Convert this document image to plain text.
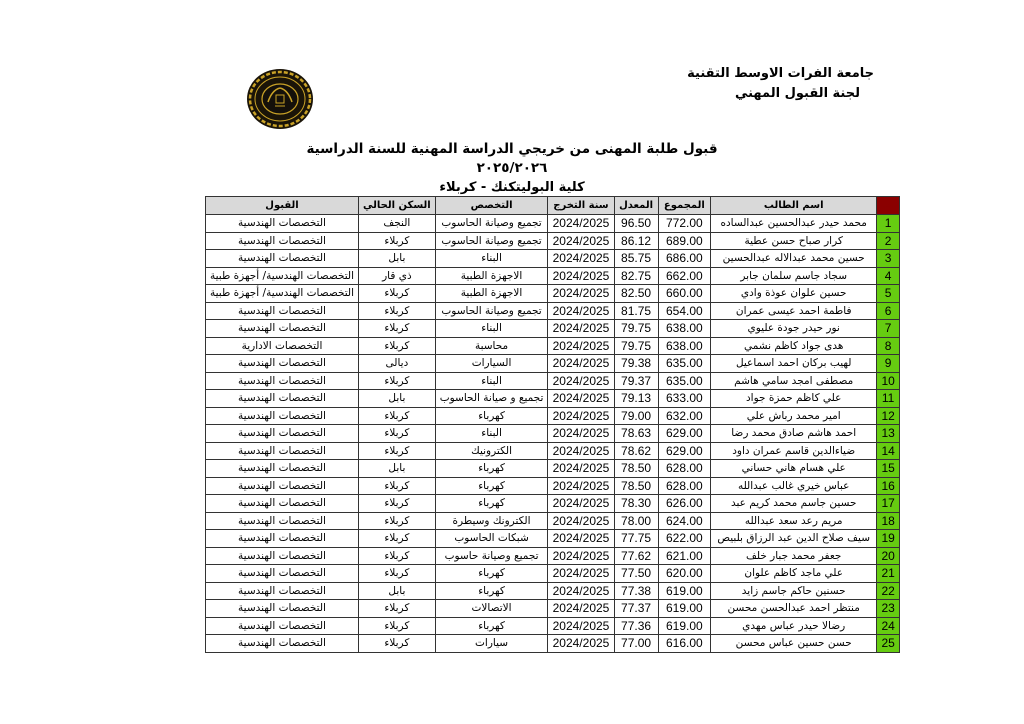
جامعة الفرات الاوسط التقنية
لجنة القبول المهني
قبول طلبة المهنى من خريجي الدراسة المهنية للسنة الدراسية ٢٠٢٥/٢٠٢٦
كلية البوليتكنك - كربلاء
ت	اسم الطالب	المجموع	المعدل	سنة التخرج	التخصص	السكن الحالي	القبول
1	محمد حيدر عبدالحسين عبدالساده	772.00	96.50	2024/2025	تجميع وصيانة الحاسوب	النجف	التخصصات الهندسية
2	كرار صباح حسن عطية	689.00	86.12	2024/2025	تجميع وصيانة الحاسوب	كربلاء	التخصصات الهندسية
3	حسين محمد عبدالاله عبدالحسين	686.00	85.75	2024/2025	البناء	بابل	التخصصات الهندسية
4	سجاد جاسم سلمان جابر	662.00	82.75	2024/2025	الاجهزة الطبية	ذي قار	التخصصات الهندسية/ أجهزة طبية
5	حسين علوان عوذة وادي	660.00	82.50	2024/2025	الاجهزة الطبية	كربلاء	التخصصات الهندسية/ أجهزة طبية
6	فاطمة احمد عيسى عمران	654.00	81.75	2024/2025	تجميع وصيانة الحاسوب	كربلاء	التخصصات الهندسية
7	نور حيدر جودة عليوي	638.00	79.75	2024/2025	البناء	كربلاء	التخصصات الهندسية
8	هدى جواد كاظم نشمي	638.00	79.75	2024/2025	محاسبة	كربلاء	التخصصات الادارية
9	لهيب بركان احمد اسماعيل	635.00	79.38	2024/2025	السيارات	ديالى	التخصصات الهندسية
10	مصطفى امجد سامي هاشم	635.00	79.37	2024/2025	البناء	كربلاء	التخصصات الهندسية
11	علي كاظم حمزة جواد	633.00	79.13	2024/2025	تجميع و صيانة الحاسوب	بابل	التخصصات الهندسية
12	امير محمد رباش علي	632.00	79.00	2024/2025	كهرباء	كربلاء	التخصصات الهندسية
13	احمد هاشم صادق محمد رضا	629.00	78.63	2024/2025	البناء	كربلاء	التخصصات الهندسية
14	ضياءالدين قاسم عمران داود	629.00	78.62	2024/2025	الكترونيك	كربلاء	التخصصات الهندسية
15	علي هسام هاني حساني	628.00	78.50	2024/2025	كهرباء	بابل	التخصصات الهندسية
16	عباس خيري غالب عبدالله	628.00	78.50	2024/2025	كهرباء	كربلاء	التخصصات الهندسية
17	حسين جاسم محمد كريم عبد	626.00	78.30	2024/2025	كهرباء	كربلاء	التخصصات الهندسية
18	مريم رعد سعد عبدالله	624.00	78.00	2024/2025	الكترونك وسيطرة	كربلاء	التخصصات الهندسية
19	سيف صلاح الدين عبد الرزاق بلبيص	622.00	77.75	2024/2025	شبكات الحاسوب	كربلاء	التخصصات الهندسية
20	جعفر محمد جبار خلف	621.00	77.62	2024/2025	تجميع وصيانة حاسوب	كربلاء	التخصصات الهندسية
21	علي ماجد كاظم علوان	620.00	77.50	2024/2025	كهرباء	كربلاء	التخصصات الهندسية
22	حسنين حاكم جاسم زايد	619.00	77.38	2024/2025	كهرباء	بابل	التخصصات الهندسية
23	منتظر احمد عبدالحسن محسن	619.00	77.37	2024/2025	الاتصالات	كربلاء	التخصصات الهندسية
24	رضالا حيدر عباس مهدي	619.00	77.36	2024/2025	كهرباء	كربلاء	التخصصات الهندسية
25	حسن حسين عباس محسن	616.00	77.00	2024/2025	سيارات	كربلاء	التخصصات الهندسية
